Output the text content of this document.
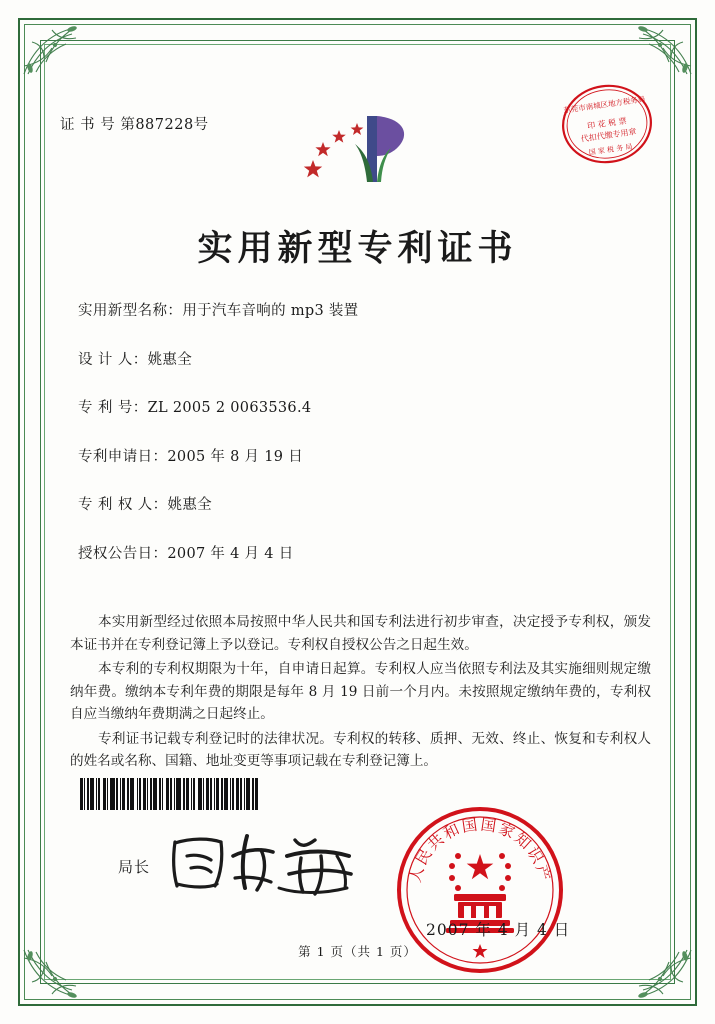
证 书 号 第887228号
东莞市南城区地方税务局
印 花 税 票
代扣代缴专用章
国 家 税 务 局
实用新型专利证书
实用新型名称：用于汽车音响的 mp3 装置
设 计 人：姚惠全
专 利 号：ZL 2005 2 0063536.4
专利申请日：2005 年 8 月 19 日
专 利 权 人：姚惠全
授权公告日：2007 年 4 月 4 日

本实用新型经过依照本局按照中华人民共和国专利法进行初步审查，决定授予专利权，颁发本证书并在专利登记簿上予以登记。专利权自授权公告之日起生效。

本专利的专利权期限为十年，自申请日起算。专利权人应当依照专利法及其实施细则规定缴纳年费。缴纳本专利年费的期限是每年 8 月 19 日前一个月内。未按照规定缴纳年费的，专利权自应当缴纳年费期满之日起终止。

专利证书记载专利登记时的法律状况。专利权的转移、质押、无效、终止、恢复和专利权人的姓名或名称、国籍、地址变更等事项记载在专利登记簿上。

局长	人民共和国国家知识产
2007 年 4 月 4 日
第 1 页（共 1 页）
